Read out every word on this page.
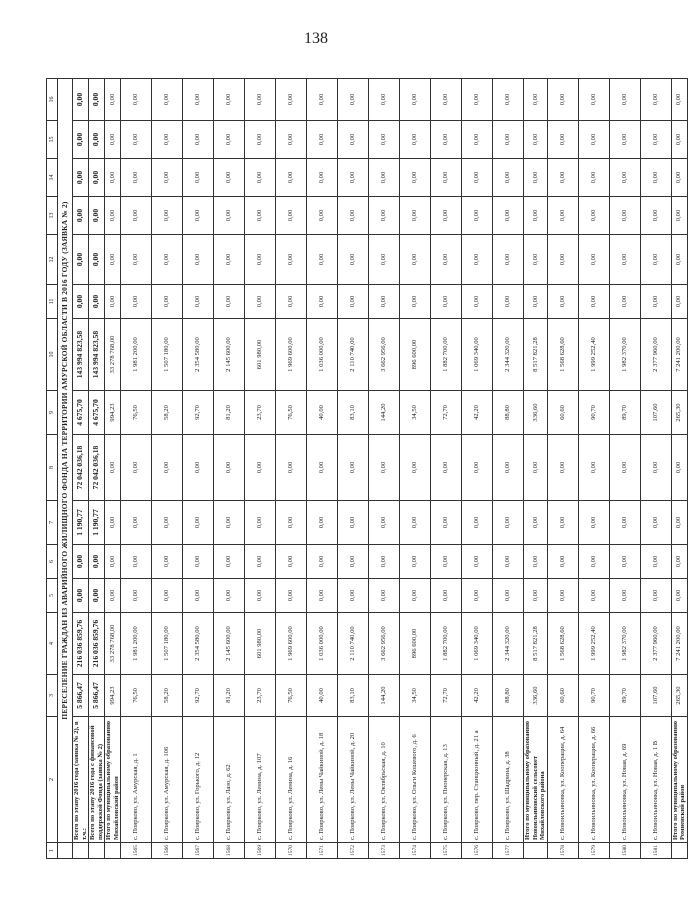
138
1	2	3	4	5	6	7	8	9	10	11	12	13	14	15	16
	ПЕРЕСЕЛЕНИЕ ГРАЖДАН ИЗ АВАРИЙНОГО ЖИЛИЩНОГО ФОНДА НА ТЕРРИТОРИИ АМУРСКОЙ ОБЛАСТИ В 2016 ГОДУ (ЗАЯВКА № 2)														
	Всего по этапу 2016 года (заявка № 2), в т.ч.:	5 866,47	216 036 859,76	0,00	0,00	1 190,77	72 042 036,18	4 675,70	143 994 823,58	0,00	0,00	0,00	0,00	0,00	0,00
	Всего по этапу 2016 года с финансовой поддержкой Фонда (заявка № 2)	5 866,47	216 036 859,76	0,00	0,00	1 190,77	72 042 036,18	4 675,70	143 994 823,58	0,00	0,00	0,00	0,00	0,00	0,00
	Итого по муниципальному образованию Михайловский район	994,23	33 278 768,00	0,00	0,00	0,00	0,00	994,23	33 278 768,00	0,00	0,00	0,00	0,00	0,00	0,00
1565	с. Поярково, ул. Амурская, д. 1	76,50	1 981 200,00	0,00	0,00	0,00	0,00	76,50	1 981 200,00	0,00	0,00	0,00	0,00	0,00	0,00
1566	с. Поярково, ул. Амурская, д. 106	58,20	1 507 180,00	0,00	0,00	0,00	0,00	58,20	1 507 180,00	0,00	0,00	0,00	0,00	0,00	0,00
1567	с. Поярково, ул. Горького, д. 12	92,70	2 354 580,00	0,00	0,00	0,00	0,00	92,70	2 354 580,00	0,00	0,00	0,00	0,00	0,00	0,00
1568	с. Поярково, ул. Лазо, д. 62	81,20	2 145 600,00	0,00	0,00	0,00	0,00	81,20	2 145 600,00	0,00	0,00	0,00	0,00	0,00	0,00
1569	с. Поярково, ул. Ленина, д. 107	23,70	601 980,00	0,00	0,00	0,00	0,00	23,70	601 980,00	0,00	0,00	0,00	0,00	0,00	0,00
1570	с. Поярково, ул. Ленина, д. 16	76,50	1 969 600,00	0,00	0,00	0,00	0,00	76,50	1 969 600,00	0,00	0,00	0,00	0,00	0,00	0,00
1571	с. Поярково, ул. Лены Чайкиной, д. 18	40,00	1 036 000,00	0,00	0,00	0,00	0,00	40,00	1 036 000,00	0,00	0,00	0,00	0,00	0,00	0,00
1572	с. Поярково, ул. Лены Чайкиной, д. 20	83,10	2 110 740,00	0,00	0,00	0,00	0,00	83,10	2 110 740,00	0,00	0,00	0,00	0,00	0,00	0,00
1573	с. Поярково, ул. Октябрьская, д. 10	144,20	3 662 956,00	0,00	0,00	0,00	0,00	144,20	3 662 956,00	0,00	0,00	0,00	0,00	0,00	0,00
1574	с. Поярково, ул. Ольги Кошевого, д. 6	34,50	896 600,00	0,00	0,00	0,00	0,00	34,50	896 600,00	0,00	0,00	0,00	0,00	0,00	0,00
1575	с. Поярково, ул. Пионерская, д. 13	72,70	1 882 700,00	0,00	0,00	0,00	0,00	72,70	1 882 700,00	0,00	0,00	0,00	0,00	0,00	0,00
1576	с. Поярково, пер. Станционный, д. 21 а	42,20	1 069 340,00	0,00	0,00	0,00	0,00	42,20	1 069 340,00	0,00	0,00	0,00	0,00	0,00	0,00
1577	с. Поярково, ул. Шадрина, д. 38	88,80	2 344 320,00	0,00	0,00	0,00	0,00	88,80	2 344 320,00	0,00	0,00	0,00	0,00	0,00	0,00
	Итого по муниципальному образованию Новоильиновский сельсовет Михайловского района	336,60	8 517 821,28	0,00	0,00	0,00	0,00	336,60	8 517 821,28	0,00	0,00	0,00	0,00	0,00	0,00
1578	с. Новоильиновка, ул. Кооперации, д. 64	60,60	1 568 628,60	0,00	0,00	0,00	0,00	60,60	1 568 628,60	0,00	0,00	0,00	0,00	0,00	0,00
1579	с. Новоильиновка, ул. Кооперации, д. 66	90,70	1 999 252,40	0,00	0,00	0,00	0,00	90,70	1 999 252,40	0,00	0,00	0,00	0,00	0,00	0,00
1580	с. Новоильиновка, ул. Новая, д. 69	89,70	1 982 370,00	0,00	0,00	0,00	0,00	89,70	1 982 370,00	0,00	0,00	0,00	0,00	0,00	0,00
1581	с. Новоильиновка, ул. Новая, д. 1 В	107,60	2 377 960,00	0,00	0,00	0,00	0,00	107,60	2 377 960,00	0,00	0,00	0,00	0,00	0,00	0,00
	Итого по муниципальному образованию Ромненский район	265,30	7 241 200,00	0,00	0,00	0,00	0,00	265,30	7 241 200,00	0,00	0,00	0,00	0,00	0,00	0,00
